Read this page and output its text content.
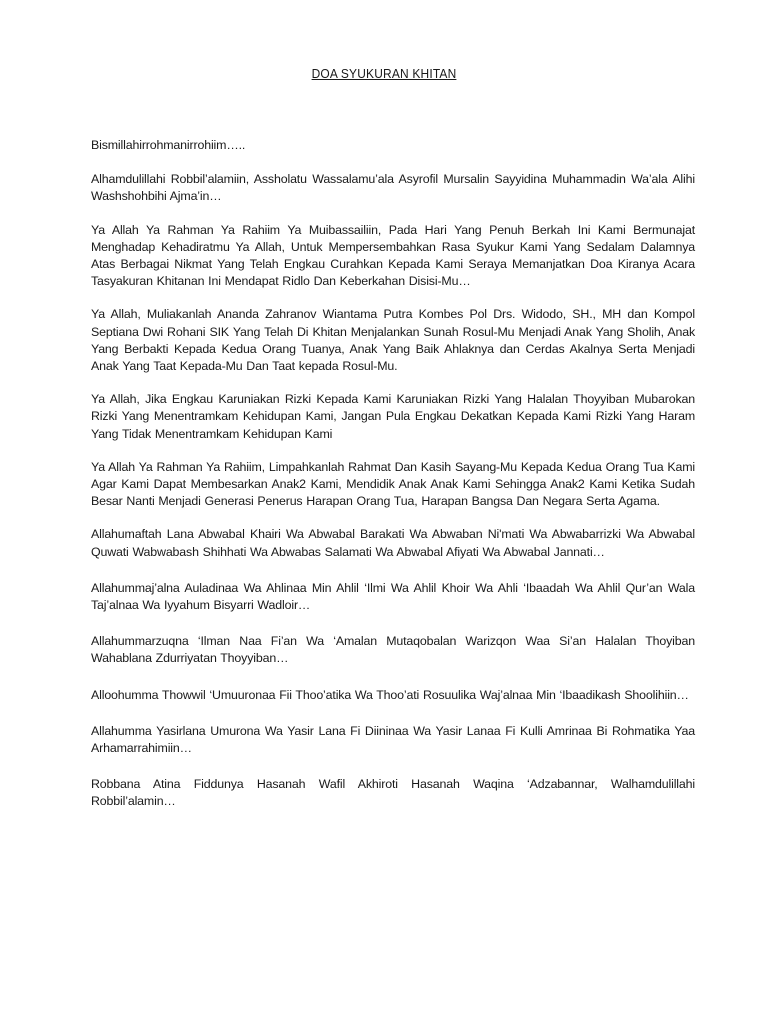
DOA SYUKURAN KHITAN

Bismillahirrohmanirrohiim…..

Alhamdulillahi Robbil’alamiin, Assholatu Wassalamu’ala Asyrofil Mursalin Sayyidina Muhammadin Wa’ala Alihi Washshohbihi Ajma’in…

Ya Allah Ya Rahman Ya Rahiim Ya Muibassailiin, Pada Hari Yang Penuh Berkah Ini Kami Bermunajat Menghadap Kehadiratmu Ya Allah, Untuk Mempersembahkan Rasa Syukur Kami Yang Sedalam Dalamnya Atas Berbagai Nikmat Yang Telah Engkau Curahkan Kepada Kami Seraya Memanjatkan Doa Kiranya Acara Tasyakuran Khitanan Ini Mendapat Ridlo Dan Keberkahan Disisi-Mu…

Ya Allah, Muliakanlah Ananda Zahranov Wiantama Putra Kombes Pol Drs. Widodo, SH., MH dan Kompol Septiana Dwi Rohani SIK Yang Telah Di Khitan Menjalankan Sunah Rosul-Mu Menjadi Anak Yang Sholih, Anak Yang Berbakti Kepada Kedua Orang Tuanya, Anak Yang Baik Ahlaknya dan Cerdas Akalnya Serta Menjadi Anak Yang Taat Kepada-Mu Dan Taat kepada Rosul-Mu.

Ya Allah, Jika Engkau Karuniakan Rizki Kepada Kami Karuniakan Rizki Yang Halalan Thoyyiban Mubarokan Rizki Yang Menentramkam Kehidupan Kami, Jangan Pula Engkau Dekatkan Kepada Kami Rizki Yang Haram Yang Tidak Menentramkam Kehidupan Kami

Ya Allah Ya Rahman Ya Rahiim, Limpahkanlah Rahmat Dan Kasih Sayang-Mu Kepada Kedua Orang Tua Kami Agar Kami Dapat Membesarkan Anak2 Kami, Mendidik Anak Anak Kami Sehingga Anak2 Kami Ketika Sudah Besar Nanti Menjadi Generasi Penerus Harapan Orang Tua, Harapan Bangsa Dan Negara Serta Agama.

Allahumaftah Lana Abwabal Khairi Wa Abwabal Barakati Wa Abwaban Ni'mati Wa Abwabarrizki Wa Abwabal Quwati Wabwabash Shihhati Wa Abwabas Salamati Wa Abwabal Afiyati Wa Abwabal Jannati…

Allahummaj’alna Auladinaa Wa Ahlinaa Min Ahlil ‘Ilmi Wa Ahlil Khoir Wa Ahli ‘Ibaadah Wa Ahlil Qur’an Wala Taj’alnaa Wa Iyyahum Bisyarri Wadloir…

Allahummarzuqna ‘Ilman Naa Fi’an Wa ‘Amalan Mutaqobalan Warizqon Waa Si’an Halalan Thoyiban Wahablana Zdurriyatan Thoyyiban…

Alloohumma Thowwil ‘Umuuronaa Fii Thoo’atika Wa Thoo’ati Rosuulika Waj’alnaa Min ‘Ibaadikash Shoolihiin…

Allahumma Yasirlana Umurona Wa Yasir Lana Fi Diininaa Wa Yasir Lanaa Fi Kulli Amrinaa Bi Rohmatika Yaa Arhamarrahimiin…

Robbana Atina Fiddunya Hasanah Wafil Akhiroti Hasanah Waqina ‘Adzabannar, Walhamdulillahi Robbil’alamin…
